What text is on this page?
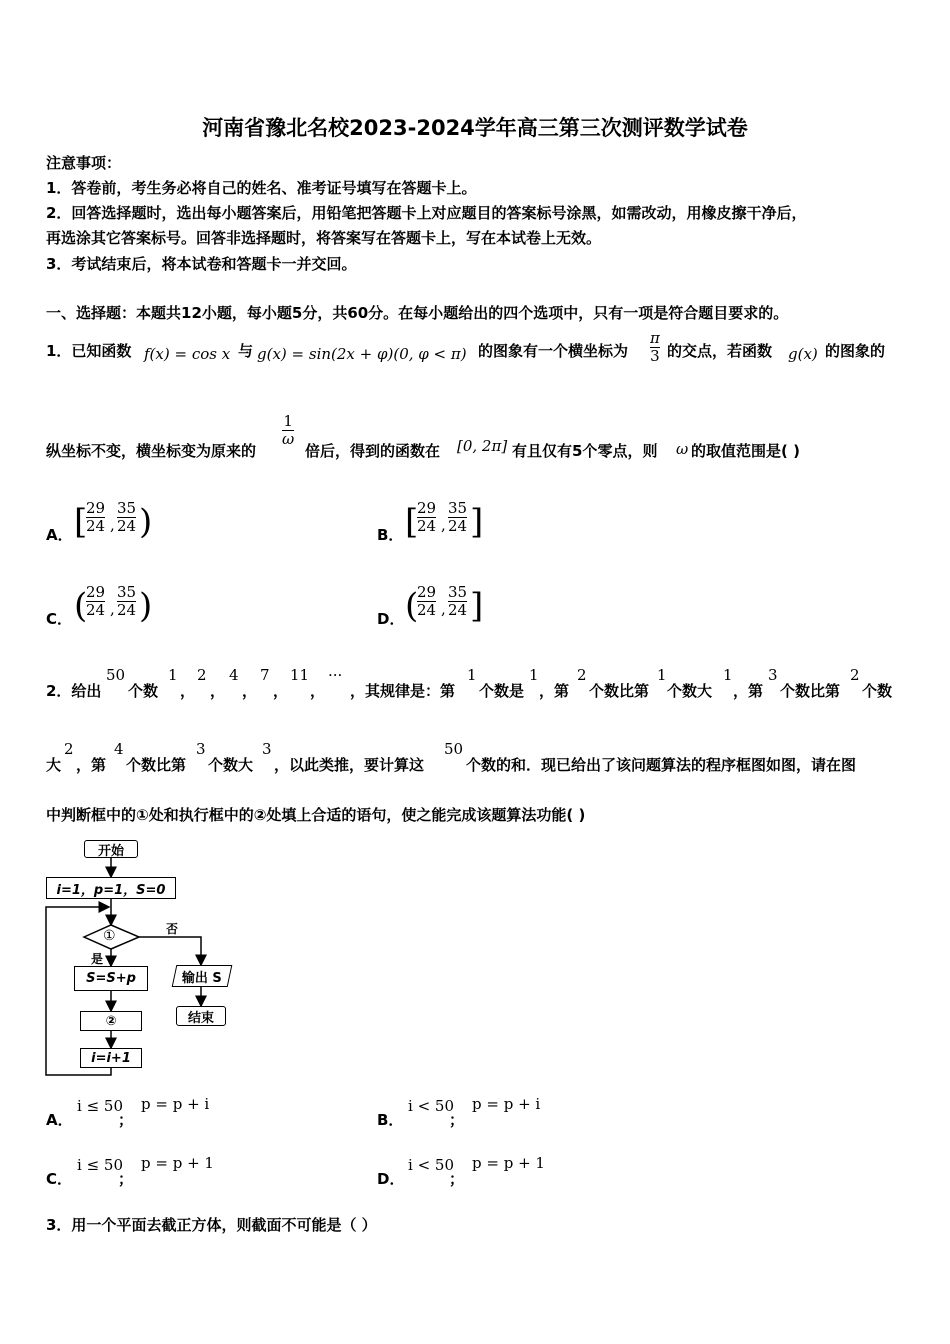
河南省豫北名校2023-2024学年高三第三次测评数学试卷
注意事项：
1．答卷前，考生务必将自己的姓名、准考证号填写在答题卡上。
2．回答选择题时，选出每小题答案后，用铅笔把答题卡上对应题目的答案标号涂黑，如需改动，用橡皮擦干净后，
再选涂其它答案标号。回答非选择题时，将答案写在答题卡上，写在本试卷上无效。
3．考试结束后，将本试卷和答题卡一并交回。
一、选择题：本题共12小题，每小题5分，共60分。在每小题给出的四个选项中，只有一项是符合题目要求的。
1．已知函数 f(x) = cos x 与 g(x) = sin(2x + φ)(0, φ < π) 的图象有一个横坐标为
π
3 的交点，若函数 g(x) 的图象的
纵坐标不变，横坐标变为原来的
1
ω
倍后，得到的函数在 [0, 2π] 有且仅有5个零点，则 ω 的取值范围是( )
A． [
29
24 ,
35
24 )	B． [
29
24 ,
35
24 ]
C． (
29
24 ,
35
24 )	D． (
29
24 ,
35
24 ]
2．给出
50
个数
1
，
2
，
4
，
7
，
11
，
···
，其规律是：第
1
个数是
1
，第
2
个数比第
1
个数大
1
，第
3
个数比第
2
个数
大
2
，第
4
个数比第
3
个数大
3
，以此类推，要计算这
50
个数的和．现已给出了该问题算法的程序框图如图，请在图
中判断框中的①处和执行框中的②处填上合适的语句，使之能完成该题算法功能( )
开始
i=1，p=1，S=0
①	否
是
S=S+p
②
i=i+1
输出 S
结束
A．
i ≤ 50
；
p = p + i
B．
i < 50
；
p = p + i
C．
i ≤ 50
；
p = p + 1
D．
i < 50
；
p = p + 1
3．用一个平面去截正方体，则截面不可能是（ ）
